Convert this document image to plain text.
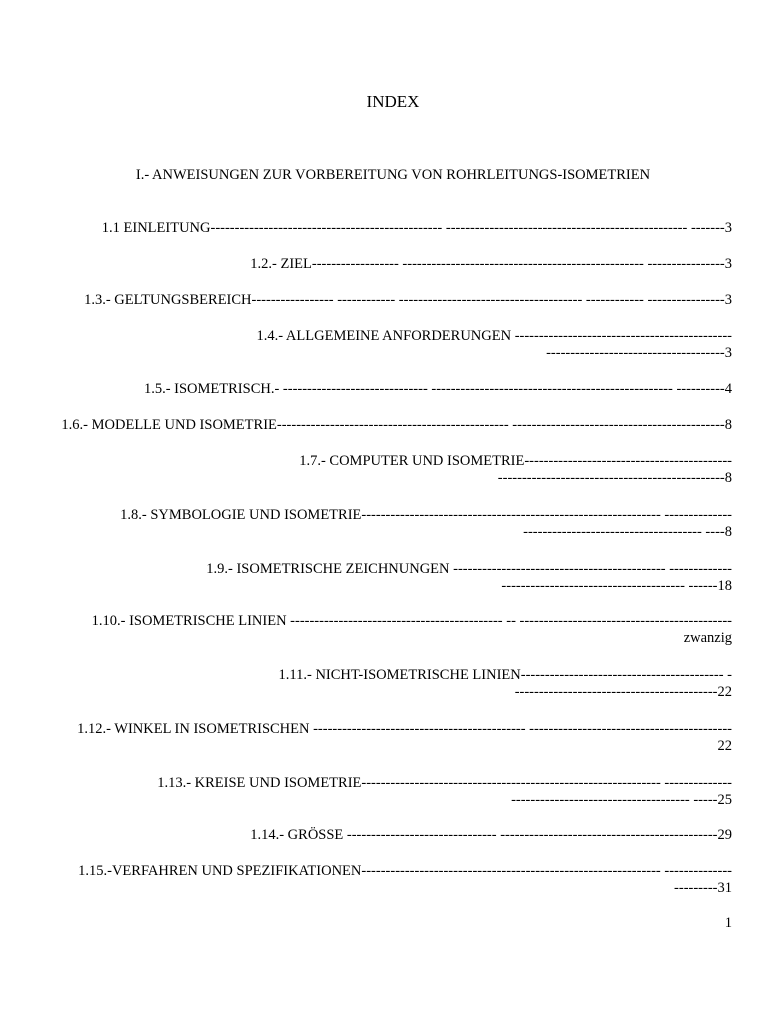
INDEX
I.- ANWEISUNGEN ZUR VORBEREITUNG VON ROHRLEITUNGS-ISOMETRIEN
1.1 EINLEITUNG------------------------------------------------ -------------------------------------------------- -------3
1.2.- ZIEL------------------ -------------------------------------------------- ----------------3
1.3.- GELTUNGSBEREICH----------------- ------------ -------------------------------------- ------------ ----------------3
1.4.- ALLGEMEINE ANFORDERUNGEN ---------------------------------------------
-------------------------------------3
1.5.- ISOMETRISCH.- ------------------------------ -------------------------------------------------- ----------4
1.6.- MODELLE UND ISOMETRIE------------------------------------------------ --------------------------------------------8
1.7.- COMPUTER UND ISOMETRIE-------------------------------------------
-----------------------------------------------8
1.8.- SYMBOLOGIE UND ISOMETRIE-------------------------------------------------------------- --------------
------------------------------------- ----8
1.9.- ISOMETRISCHE ZEICHNUNGEN -------------------------------------------- -------------
-------------------------------------- ------18
1.10.- ISOMETRISCHE LINIEN -------------------------------------------- -- --------------------------------------------
zwanzig
1.11.- NICHT-ISOMETRISCHE LINIEN------------------------------------------ -
------------------------------------------22
1.12.- WINKEL IN ISOMETRISCHEN -------------------------------------------- ------------------------------------------
22
1.13.- KREISE UND ISOMETRIE-------------------------------------------------------------- --------------
------------------------------------- -----25
1.14.- GRÖSSE ------------------------------- ---------------------------------------------29
1.15.-VERFAHREN UND SPEZIFIKATIONEN-------------------------------------------------------------- --------------
---------31
1
